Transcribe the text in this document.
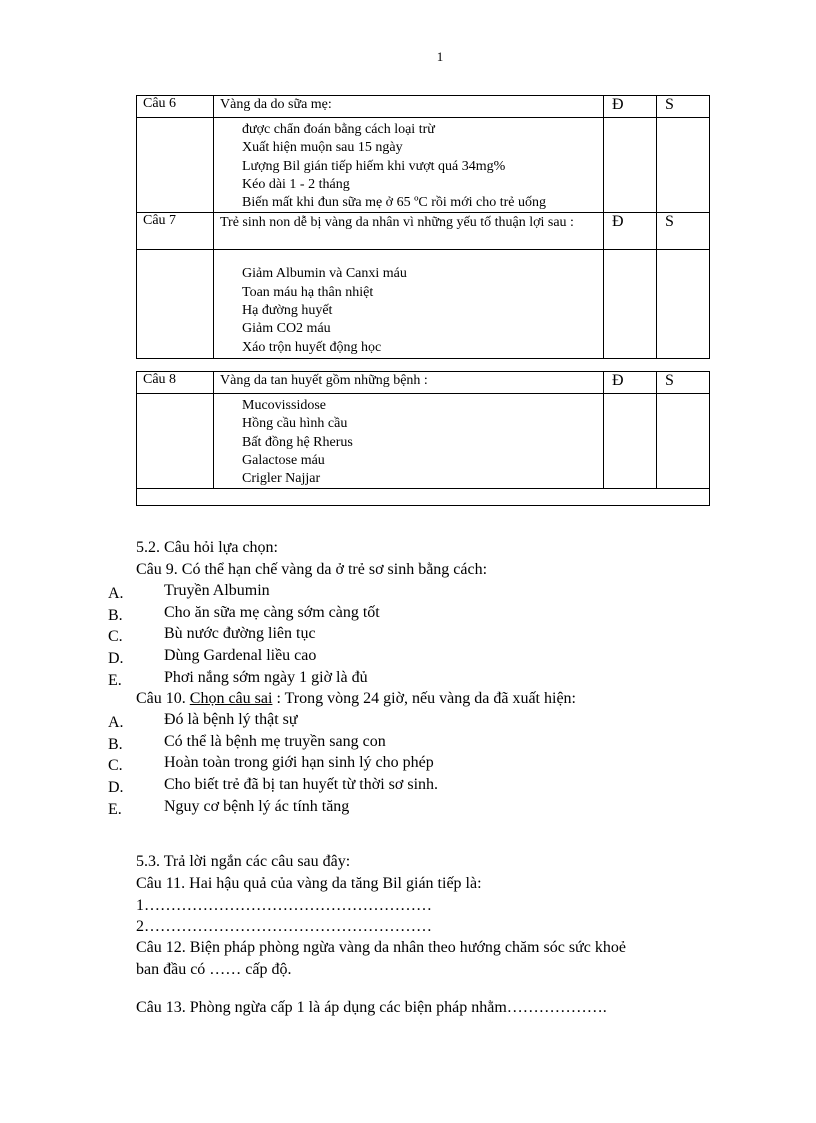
1
Câu 6	Vàng da do sữa mẹ:	Đ	S

	được chẩn đoán bằng cách loại trừ
Xuất hiện muộn sau 15 ngày
Lượng Bil gián tiếp hiếm khi vượt quá 34mg%
Kéo dài 1 - 2 tháng
Biến mất khi đun sữa mẹ ở 65 ºC rồi mới cho trẻ uống		

Câu 7	Trẻ sinh non dễ bị vàng da nhân vì những yếu tố thuận lợi sau :	Đ	S

	Giảm Albumin và Canxi máu
Toan máu hạ thân nhiệt
Hạ đường huyết
Giảm CO2 máu
Xáo trộn huyết động học		

Câu 8	Vàng da tan huyết gồm những bệnh :	Đ	S

	Mucovissidose
Hồng cầu hình cầu
Bất đồng hệ Rherus
Galactose máu
Crigler Najjar		

5.2. Câu hỏi lựa chọn:
Câu 9. Có thể hạn chế vàng da ở trẻ sơ sinh bằng cách:
A.	Truyền Albumin
B.	Cho ăn sữa mẹ càng sớm càng tốt
C.	Bù nước đường liên tục
D.	Dùng Gardenal liều cao
E.	Phơi nắng sớm ngày 1 giờ là đủ
Câu 10. Chọn câu sai : Trong vòng 24 giờ, nếu vàng da đã xuất hiện:
A.	Đó là bệnh lý thật sự
B.	Có thể là bệnh mẹ truyền sang con
C.	Hoàn toàn trong giới hạn sinh lý cho phép
D.	Cho biết trẻ đã bị tan huyết từ thời sơ sinh.
E.	Nguy cơ bệnh lý ác tính tăng
5.3. Trả lời ngắn các câu sau đây:
Câu 11. Hai hậu quả của vàng da tăng Bil gián tiếp là:
1………………………………………………
2………………………………………………
Câu 12. Biện pháp phòng ngừa vàng da nhân theo hướng chăm sóc sức khoẻ
ban đầu có …… cấp độ.
Câu 13. Phòng ngừa cấp 1 là áp dụng các biện pháp nhằm……………….
